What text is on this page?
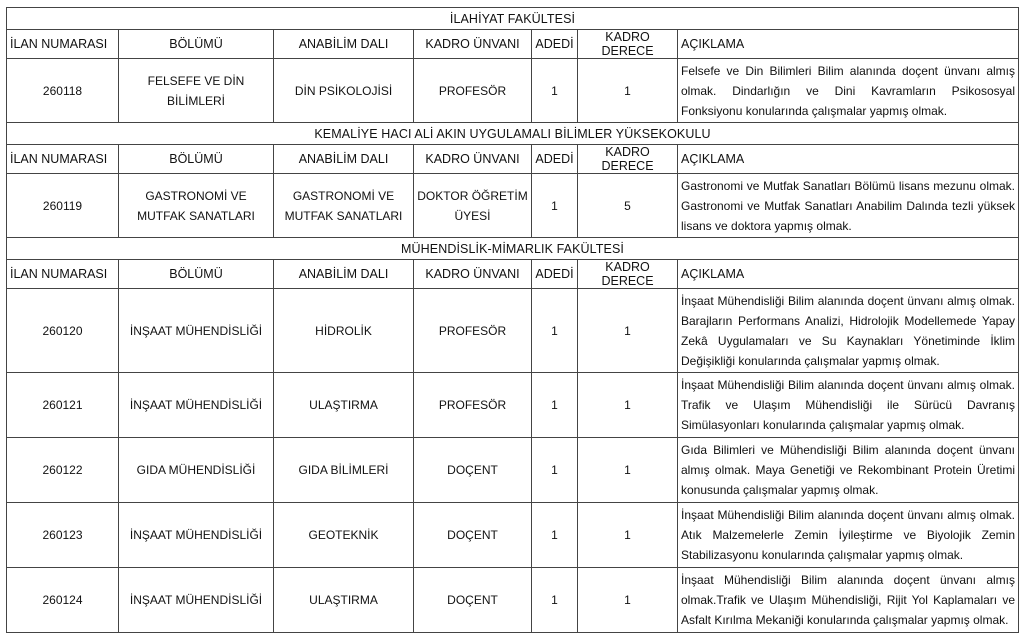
İLAHİYAT FAKÜLTESİ						
İLAN NUMARASI	BÖLÜMÜ	ANABİLİM DALI	KADRO ÜNVANI	ADEDİ	KADRO DERECE	AÇIKLAMA
260118	FELSEFE VE DİN BİLİMLERİ	DİN PSİKOLOJİSİ	PROFESÖR	1	1	Felsefe ve Din Bilimleri Bilim alanında doçent ünvanı almış olmak. Dindarlığın ve Dini Kavramların Psikososyal Fonksiyonu konularında çalışmalar yapmış olmak.
KEMALİYE HACI ALİ AKIN UYGULAMALI BİLİMLER YÜKSEKOKULU						
İLAN NUMARASI	BÖLÜMÜ	ANABİLİM DALI	KADRO ÜNVANI	ADEDİ	KADRO DERECE	AÇIKLAMA
260119	GASTRONOMİ VE MUTFAK SANATLARI	GASTRONOMİ VE MUTFAK SANATLARI	DOKTOR ÖĞRETİM ÜYESİ	1	5	Gastronomi ve Mutfak Sanatları Bölümü lisans mezunu olmak. Gastronomi ve Mutfak Sanatları Anabilim Dalında tezli yüksek lisans ve doktora yapmış olmak.
MÜHENDİSLİK-MİMARLIK FAKÜLTESİ						
İLAN NUMARASI	BÖLÜMÜ	ANABİLİM DALI	KADRO ÜNVANI	ADEDİ	KADRO DERECE	AÇIKLAMA
260120	İNŞAAT MÜHENDİSLİĞİ	HİDROLİK	PROFESÖR	1	1	İnşaat Mühendisliği Bilim alanında doçent ünvanı almış olmak. Barajların Performans Analizi, Hidrolojik Modellemede Yapay Zekâ Uygulamaları ve Su Kaynakları Yönetiminde İklim Değişikliği konularında çalışmalar yapmış olmak.
260121	İNŞAAT MÜHENDİSLİĞİ	ULAŞTIRMA	PROFESÖR	1	1	İnşaat Mühendisliği Bilim alanında doçent ünvanı almış olmak. Trafik ve Ulaşım Mühendisliği ile Sürücü Davranış Simülasyonları konularında çalışmalar yapmış olmak.
260122	GIDA MÜHENDİSLİĞİ	GIDA BİLİMLERİ	DOÇENT	1	1	Gıda Bilimleri ve Mühendisliği Bilim alanında doçent ünvanı almış olmak. Maya Genetiği ve Rekombinant Protein Üretimi konusunda çalışmalar yapmış olmak.
260123	İNŞAAT MÜHENDİSLİĞİ	GEOTEKNİK	DOÇENT	1	1	İnşaat Mühendisliği Bilim alanında doçent ünvanı almış olmak. Atık Malzemelerle Zemin İyileştirme ve Biyolojik Zemin Stabilizasyonu konularında çalışmalar yapmış olmak.
260124	İNŞAAT MÜHENDİSLİĞİ	ULAŞTIRMA	DOÇENT	1	1	İnşaat Mühendisliği Bilim alanında doçent ünvanı almış olmak.Trafik ve Ulaşım Mühendisliği, Rijit Yol Kaplamaları ve Asfalt Kırılma Mekaniği konularında çalışmalar yapmış olmak.
